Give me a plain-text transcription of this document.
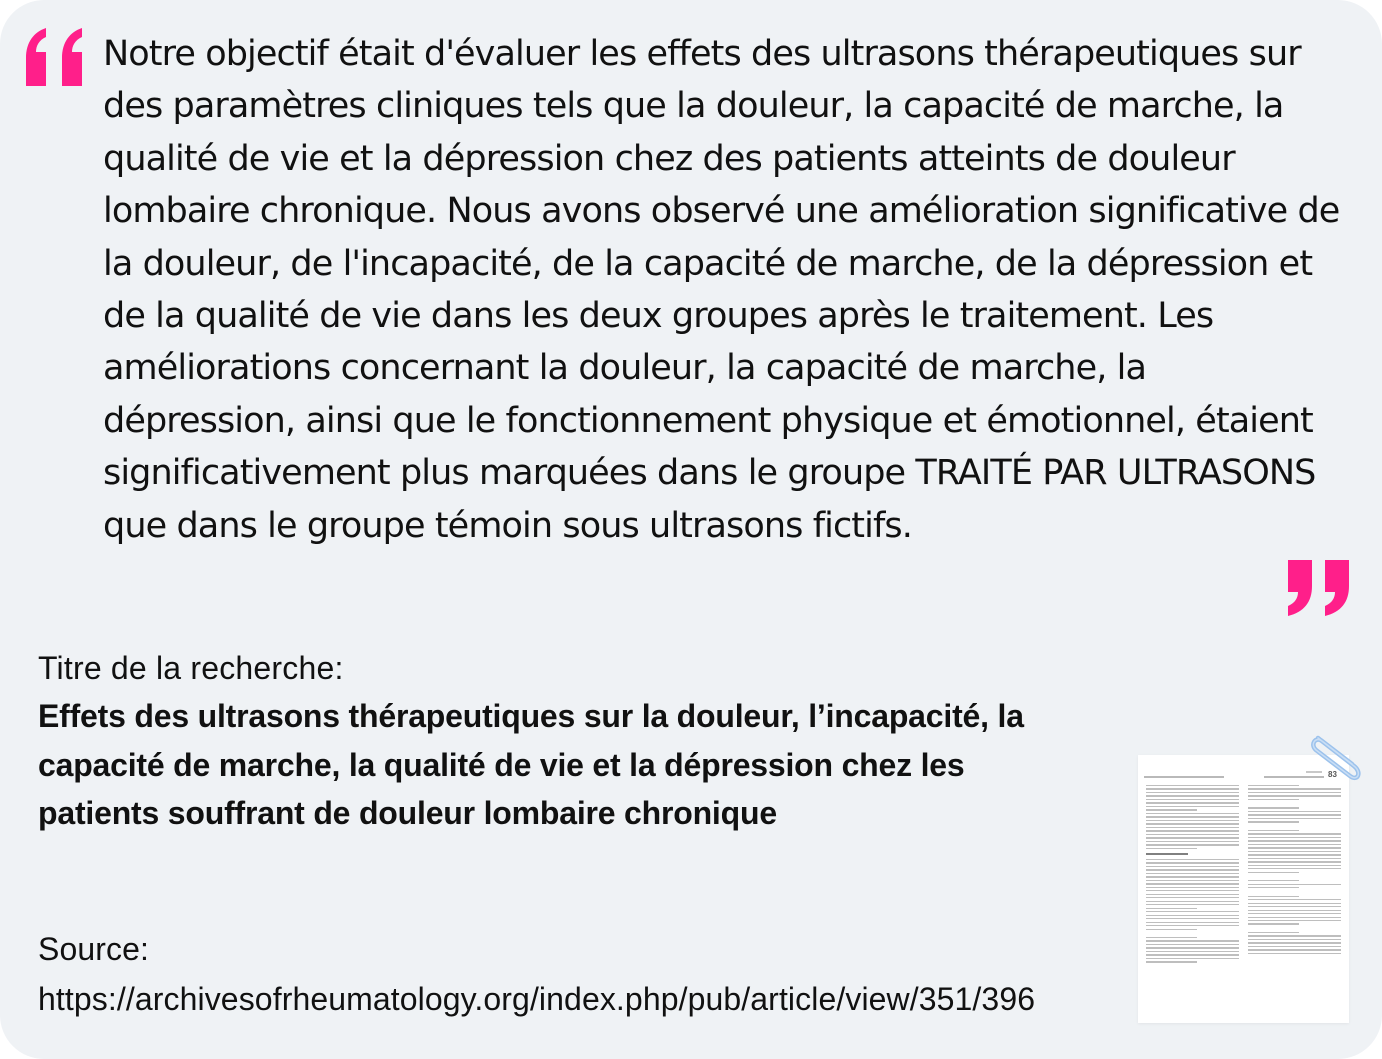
Notre objectif était d'évaluer les effets des ultrasons thérapeutiques sur des paramètres cliniques tels que la douleur, la capacité de marche, la qualité de vie et la dépression chez des patients atteints de douleur lombaire chronique. Nous avons observé une amélioration significative de la douleur, de l'incapacité, de la capacité de marche, de la dépression et de la qualité de vie dans les deux groupes après le traitement. Les améliorations concernant la douleur, la capacité de marche, la dépression, ainsi que le fonctionnement physique et émotionnel, étaient significativement plus marquées dans le groupe TRAITÉ PAR ULTRASONS que dans le groupe témoin sous ultrasons fictifs.
Titre de la recherche:
Effets des ultrasons thérapeutiques sur la douleur, l’incapacité, la capacité de marche, la qualité de vie et la dépression chez les patients souffrant de douleur lombaire chronique
Source: https://archivesofrheumatology.org/index.php/pub/article/view/351/396
83
